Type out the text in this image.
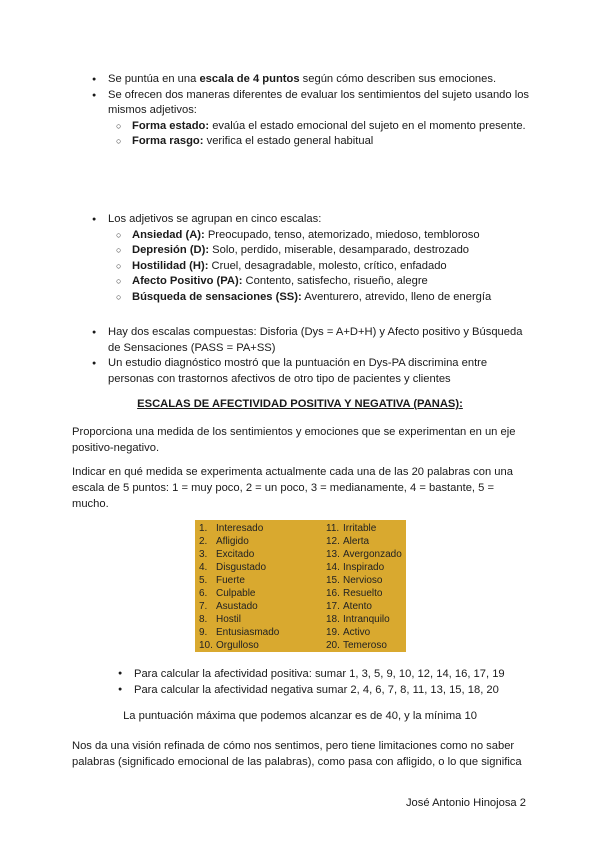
● Se puntúa en una escala de 4 puntos según cómo describen sus emociones.
● Se ofrecen dos maneras diferentes de evaluar los sentimientos del sujeto usando los mismos adjetivos:
○ Forma estado: evalúa el estado emocional del sujeto en el momento presente.
○ Forma rasgo: verifica el estado general habitual
● Los adjetivos se agrupan en cinco escalas:
○ Ansiedad (A): Preocupado, tenso, atemorizado, miedoso, tembloroso
○ Depresión (D): Solo, perdido, miserable, desamparado, destrozado
○ Hostilidad (H): Cruel, desagradable, molesto, crítico, enfadado
○ Afecto Positivo (PA): Contento, satisfecho, risueño, alegre
○ Búsqueda de sensaciones (SS): Aventurero, atrevido, lleno de energía
● Hay dos escalas compuestas: Disforia (Dys = A+D+H) y Afecto positivo y Búsqueda de Sensaciones (PASS = PA+SS)
● Un estudio diagnóstico mostró que la puntuación en Dys-PA discrimina entre personas con trastornos afectivos de otro tipo de pacientes y clientes
ESCALAS DE AFECTIVIDAD POSITIVA Y NEGATIVA (PANAS):
Proporciona una medida de los sentimientos y emociones que se experimentan en un eje positivo-negativo.
Indicar en qué medida se experimenta actualmente cada una de las 20 palabras con una escala de 5 puntos: 1 = muy poco, 2 = un poco, 3 = medianamente, 4 = bastante, 5 = mucho.
1. Interesado
2. Afligido
3. Excitado
4. Disgustado
5. Fuerte
6. Culpable
7. Asustado
8. Hostil
9. Entusiasmado
10. Orgulloso
11. Irritable
12. Alerta
13. Avergonzado
14. Inspirado
15. Nervioso
16. Resuelto
17. Atento
18. Intranquilo
19. Activo
20. Temeroso
● Para calcular la afectividad positiva: sumar 1, 3, 5, 9, 10, 12, 14, 16, 17, 19
● Para calcular la afectividad negativa sumar 2, 4, 6, 7, 8, 11, 13, 15, 18, 20
La puntuación máxima que podemos alcanzar es de 40, y la mínima 10
Nos da una visión refinada de cómo nos sentimos, pero tiene limitaciones como no saber palabras (significado emocional de las palabras), como pasa con afligido, o lo que significa
José Antonio Hinojosa 2
